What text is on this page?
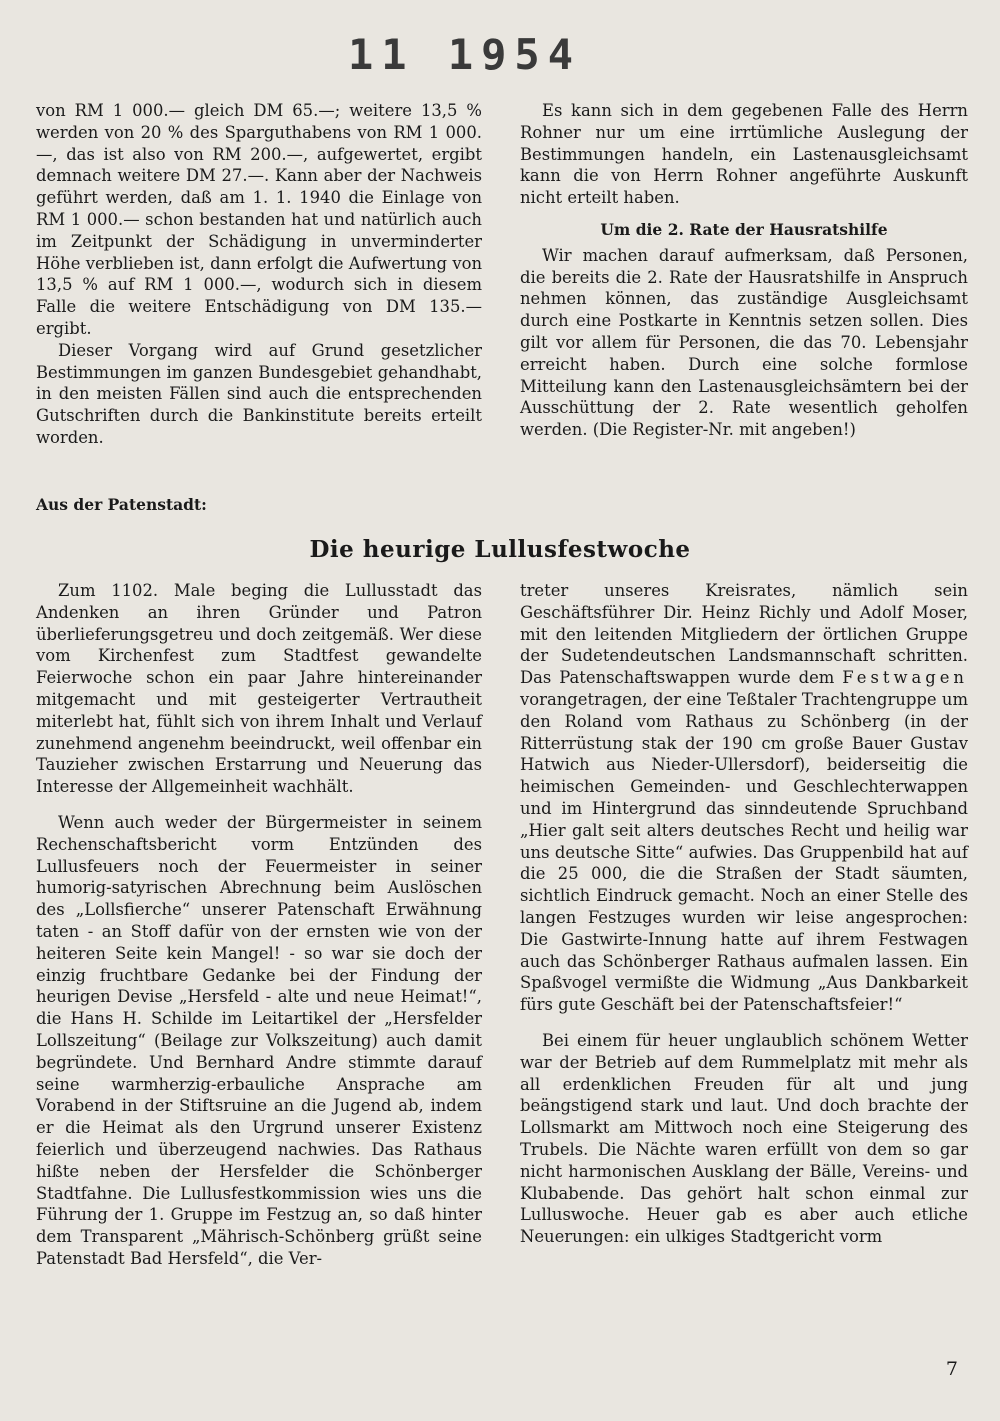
11 1954

von RM 1 000.— gleich DM 65.—; weitere 13,5 % werden von 20 % des Sparguthabens von RM 1 000.—, das ist also von RM 200.—, aufgewertet, ergibt demnach weitere DM 27.—. Kann aber der Nachweis geführt werden, daß am 1. 1. 1940 die Einlage von RM 1 000.— schon bestanden hat und natürlich auch im Zeitpunkt der Schädigung in unverminderter Höhe verblieben ist, dann erfolgt die Aufwertung von 13,5 % auf RM 1 000.—, wodurch sich in diesem Falle die weitere Entschädigung von DM 135.— ergibt.

Dieser Vorgang wird auf Grund gesetzlicher Bestimmungen im ganzen Bundesgebiet gehandhabt, in den meisten Fällen sind auch die entsprechenden Gutschriften durch die Bankinstitute bereits erteilt worden.

Es kann sich in dem gegebenen Falle des Herrn Rohner nur um eine irrtümliche Auslegung der Bestimmungen handeln, ein Lastenausgleichsamt kann die von Herrn Rohner angeführte Auskunft nicht erteilt haben.

Um die 2. Rate der Hausratshilfe

Wir machen darauf aufmerksam, daß Personen, die bereits die 2. Rate der Hausratshilfe in Anspruch nehmen können, das zuständige Ausgleichsamt durch eine Postkarte in Kenntnis setzen sollen. Dies gilt vor allem für Personen, die das 70. Lebensjahr erreicht haben. Durch eine solche formlose Mitteilung kann den Lastenausgleichsämtern bei der Ausschüttung der 2. Rate wesentlich geholfen werden. (Die Register-Nr. mit angeben!)

Aus der Patenstadt:
Die heurige Lullusfestwoche

Zum 1102. Male beging die Lullusstadt das Andenken an ihren Gründer und Patron überlieferungsgetreu und doch zeitgemäß. Wer diese vom Kirchenfest zum Stadtfest gewandelte Feierwoche schon ein paar Jahre hintereinander mitgemacht und mit gesteigerter Vertrautheit miterlebt hat, fühlt sich von ihrem Inhalt und Verlauf zunehmend angenehm beeindruckt, weil offenbar ein Tauzieher zwischen Erstarrung und Neuerung das Interesse der Allgemeinheit wachhält.

Wenn auch weder der Bürgermeister in seinem Rechenschaftsbericht vorm Entzünden des Lullusfeuers noch der Feuermeister in seiner humorig-satyrischen Abrechnung beim Auslöschen des „Lollsfierche“ unserer Patenschaft Erwähnung taten - an Stoff dafür von der ernsten wie von der heiteren Seite kein Mangel! - so war sie doch der einzig fruchtbare Gedanke bei der Findung der heurigen Devise „Hersfeld - alte und neue Heimat!“, die Hans H. Schilde im Leitartikel der „Hersfelder Lollszeitung“ (Beilage zur Volkszeitung) auch damit begründete. Und Bernhard Andre stimmte darauf seine warmherzig-erbauliche Ansprache am Vorabend in der Stiftsruine an die Jugend ab, indem er die Heimat als den Urgrund unserer Existenz feierlich und überzeugend nachwies. Das Rathaus hißte neben der Hersfelder die Schönberger Stadtfahne. Die Lullusfestkommission wies uns die Führung der 1. Gruppe im Festzug an, so daß hinter dem Transparent „Mährisch-Schönberg grüßt seine Patenstadt Bad Hersfeld“, die Ver-

treter unseres Kreisrates, nämlich sein Geschäftsführer Dir. Heinz Richly und Adolf Moser, mit den leitenden Mitgliedern der örtlichen Gruppe der Sudetendeutschen Landsmannschaft schritten. Das Patenschaftswappen wurde dem Festwagen vorangetragen, der eine Teßtaler Trachtengruppe um den Roland vom Rathaus zu Schönberg (in der Ritterrüstung stak der 190 cm große Bauer Gustav Hatwich aus Nieder-Ullersdorf), beiderseitig die heimischen Gemeinden- und Geschlechterwappen und im Hintergrund das sinndeutende Spruchband „Hier galt seit alters deutsches Recht und heilig war uns deutsche Sitte“ aufwies. Das Gruppenbild hat auf die 25 000, die die Straßen der Stadt säumten, sichtlich Eindruck gemacht. Noch an einer Stelle des langen Festzuges wurden wir leise angesprochen: Die Gastwirte-Innung hatte auf ihrem Festwagen auch das Schönberger Rathaus aufmalen lassen. Ein Spaßvogel vermißte die Widmung „Aus Dankbarkeit fürs gute Geschäft bei der Patenschaftsfeier!“

Bei einem für heuer unglaublich schönem Wetter war der Betrieb auf dem Rummelplatz mit mehr als all erdenklichen Freuden für alt und jung beängstigend stark und laut. Und doch brachte der Lollsmarkt am Mittwoch noch eine Steigerung des Trubels. Die Nächte waren erfüllt von dem so gar nicht harmonischen Ausklang der Bälle, Vereins- und Klubabende. Das gehört halt schon einmal zur Lulluswoche. Heuer gab es aber auch etliche Neuerungen: ein ulkiges Stadtgericht vorm

7
